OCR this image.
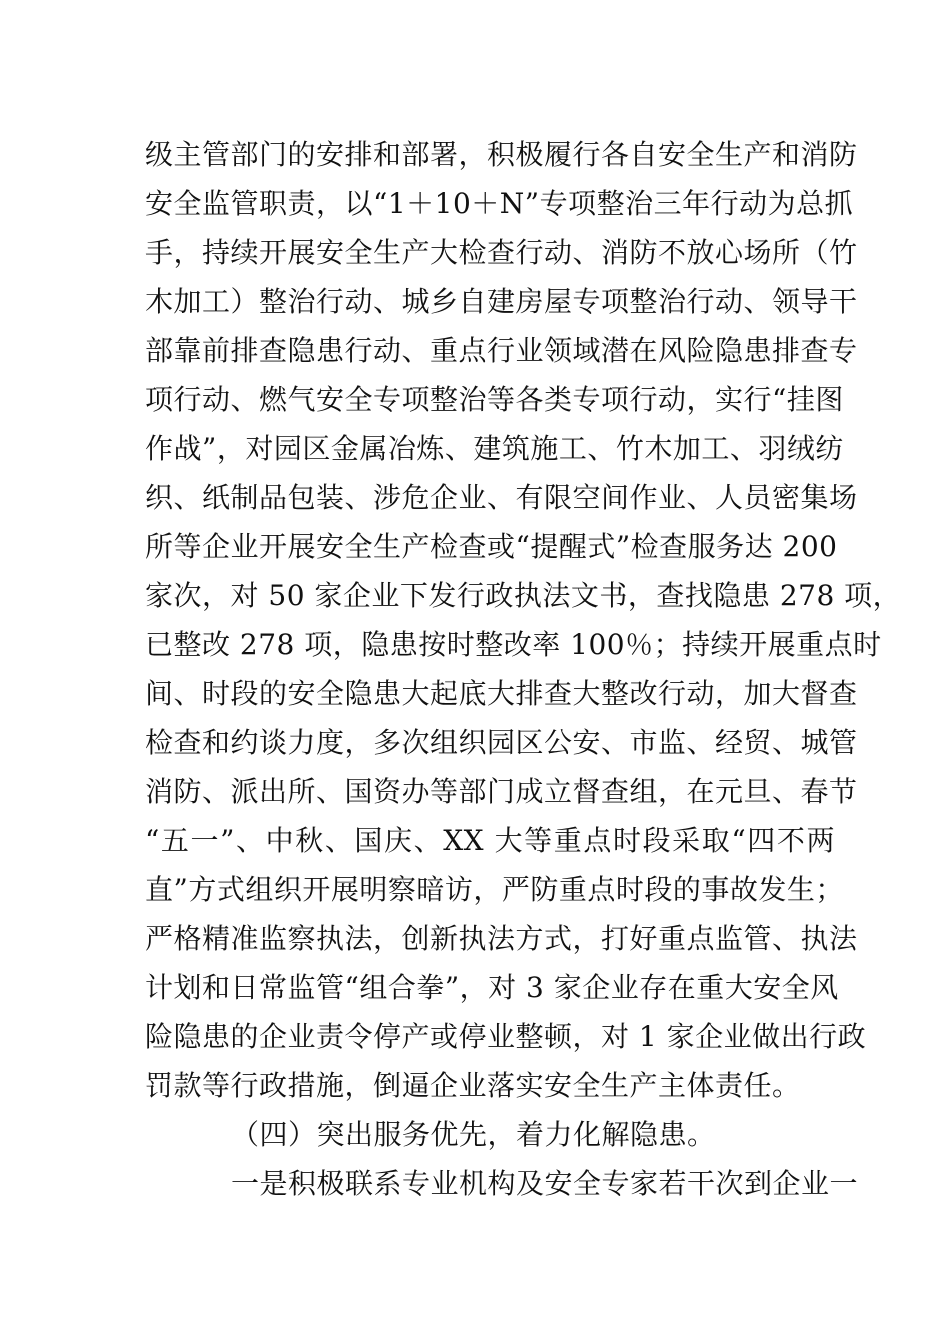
级主管部门的安排和部署，积极履行各自安全生产和消防
安全监管职责，以“1＋10＋N”专项整治三年行动为总抓
手，持续开展安全生产大检查行动、消防不放心场所（竹
木加工）整治行动、城乡自建房屋专项整治行动、领导干
部靠前排查隐患行动、重点行业领域潜在风险隐患排查专
项行动、燃气安全专项整治等各类专项行动，实行“挂图
作战”，对园区金属冶炼、建筑施工、竹木加工、羽绒纺
织、纸制品包装、涉危企业、有限空间作业、人员密集场
所等企业开展安全生产检查或“提醒式”检查服务达 200
家次，对 50 家企业下发行政执法文书，查找隐患 278 项，
已整改 278 项，隐患按时整改率 100％；持续开展重点时
间、时段的安全隐患大起底大排查大整改行动，加大督查
检查和约谈力度，多次组织园区公安、市监、经贸、城管
消防、派出所、国资办等部门成立督查组，在元旦、春节
“五一”、中秋、国庆、XX 大等重点时段采取“四不两
直”方式组织开展明察暗访，严防重点时段的事故发生；
严格精准监察执法，创新执法方式，打好重点监管、执法
计划和日常监管“组合拳”，对 3 家企业存在重大安全风
险隐患的企业责令停产或停业整顿，对 1 家企业做出行政
罚款等行政措施，倒逼企业落实安全生产主体责任。
（四）突出服务优先，着力化解隐患。
一是积极联系专业机构及安全专家若干次到企业一
